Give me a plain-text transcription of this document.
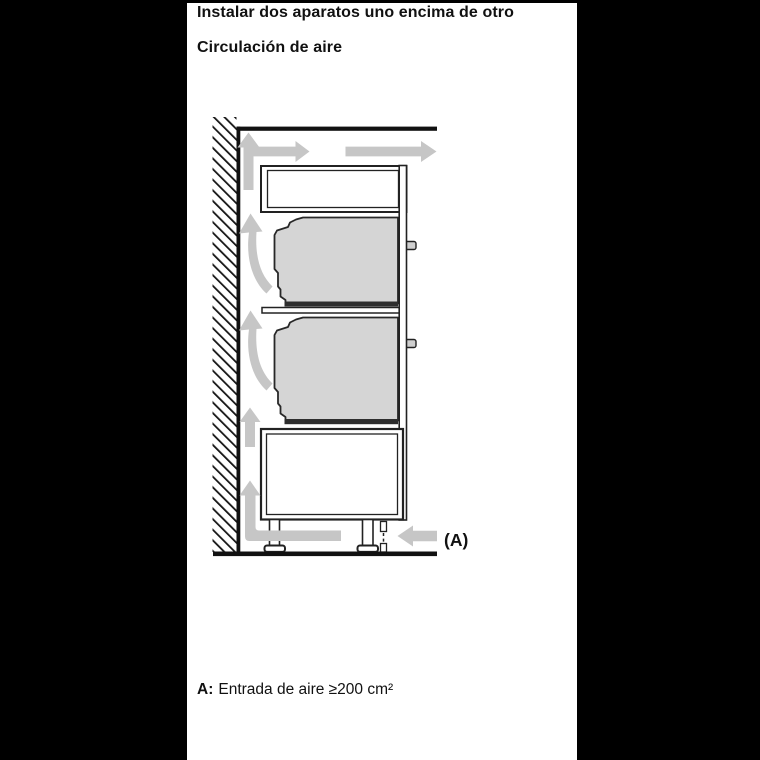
(A)
Instalar dos aparatos uno encima de otro
Circulación de aire
A: Entrada de aire ≥200 cm²
